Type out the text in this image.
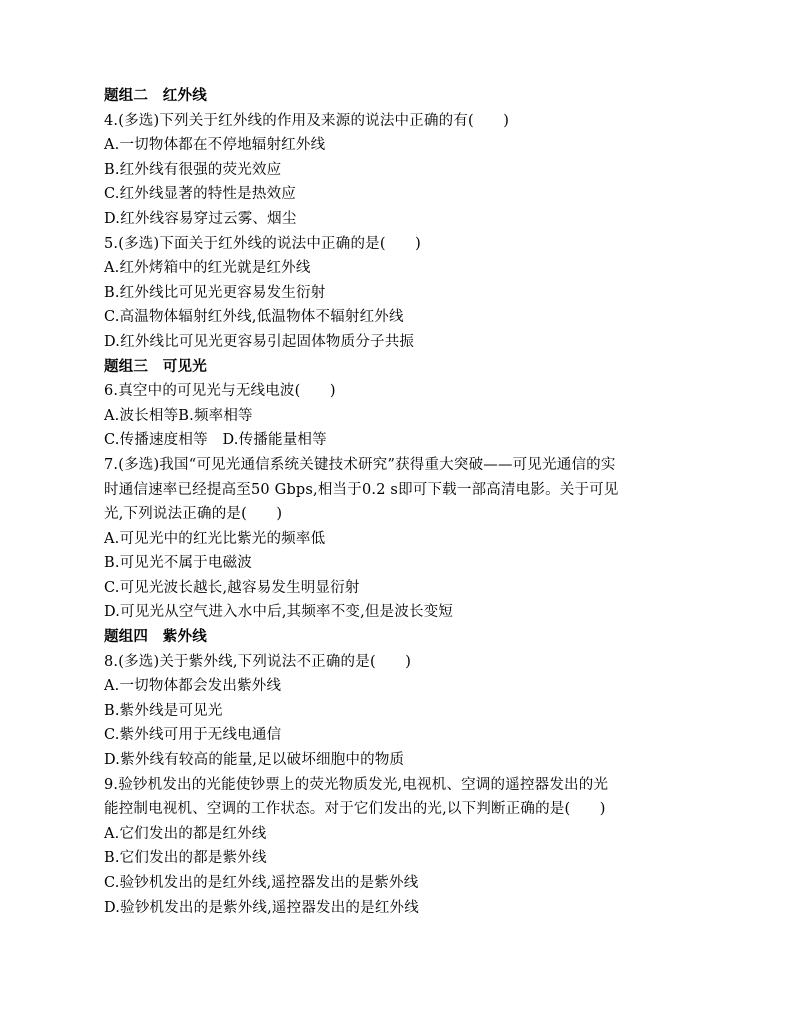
题组二　红外线
4.(多选)下列关于红外线的作用及来源的说法中正确的有(　　)
A.一切物体都在不停地辐射红外线
B.红外线有很强的荧光效应
C.红外线显著的特性是热效应
D.红外线容易穿过云雾、烟尘
5.(多选)下面关于红外线的说法中正确的是(　　)
A.红外烤箱中的红光就是红外线
B.红外线比可见光更容易发生衍射
C.高温物体辐射红外线,低温物体不辐射红外线
D.红外线比可见光更容易引起固体物质分子共振
题组三　可见光
6.真空中的可见光与无线电波(　　)
A.波长相等B.频率相等
C.传播速度相等　D.传播能量相等
7.(多选)我国“可见光通信系统关键技术研究”获得重大突破——可见光通信的实
时通信速率已经提高至50 Gbps,相当于0.2 s即可下载一部高清电影。关于可见
光,下列说法正确的是(　　)
A.可见光中的红光比紫光的频率低
B.可见光不属于电磁波
C.可见光波长越长,越容易发生明显衍射
D.可见光从空气进入水中后,其频率不变,但是波长变短
题组四　紫外线
8.(多选)关于紫外线,下列说法不正确的是(　　)
A.一切物体都会发出紫外线
B.紫外线是可见光
C.紫外线可用于无线电通信
D.紫外线有较高的能量,足以破坏细胞中的物质
9.验钞机发出的光能使钞票上的荧光物质发光,电视机、空调的遥控器发出的光
能控制电视机、空调的工作状态。对于它们发出的光,以下判断正确的是(　　)
A.它们发出的都是红外线
B.它们发出的都是紫外线
C.验钞机发出的是红外线,遥控器发出的是紫外线
D.验钞机发出的是紫外线,遥控器发出的是红外线
